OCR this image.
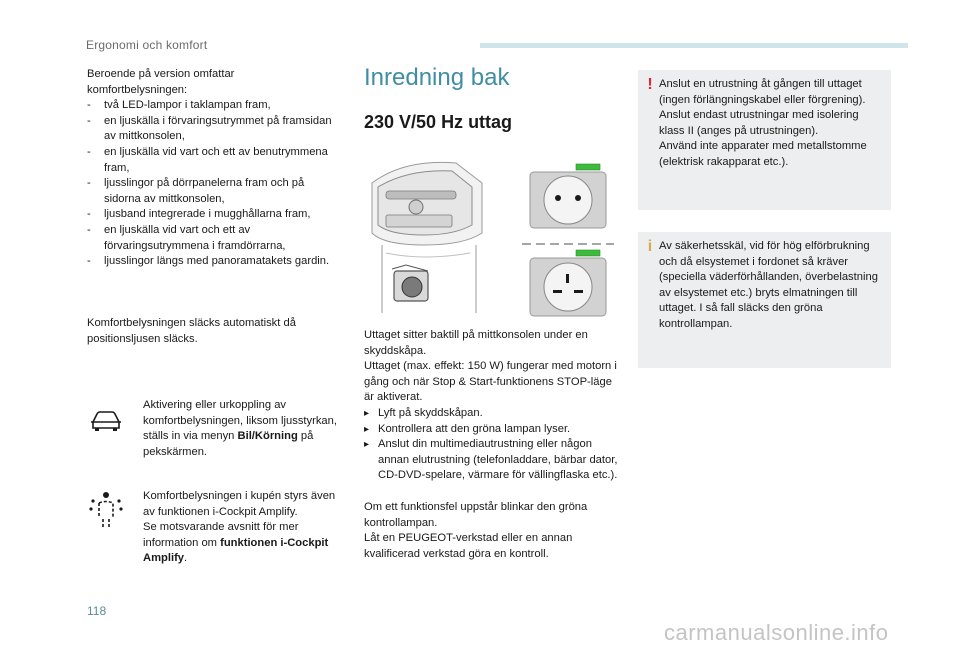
Ergonomi och komfort

Beroende på version omfattar komfortbelysningen:

- två LED-lampor i taklampan fram,
- en ljuskälla i förvaringsutrymmet på framsidan av mittkonsolen,
- en ljuskälla vid vart och ett av benutrymmena fram,
- ljusslingor på dörrpanelerna fram och på sidorna av mittkonsolen,
- ljusband integrerade i mugghållarna fram,
- en ljuskälla vid vart och ett av förvaringsutrymmena i framdörrarna,
- ljusslingor längs med panoramatakets gardin.

Komfortbelysningen släcks automatiskt då positionsljusen släcks.

Aktivering eller urkoppling av komfortbelysningen, liksom ljusstyrkan, ställs in via menyn Bil/Körning på pekskärmen.
Komfortbelysningen i kupén styrs även av funktionen i-Cockpit Amplify.
Se motsvarande avsnitt för mer information om funktionen i-Cockpit Amplify.
Inredning bak
230 V/50 Hz uttag

Uttaget sitter baktill på mittkonsolen under en skyddskåpa.

Uttaget (max. effekt: 150 W) fungerar med motorn i gång och när Stop & Start-funktionens STOP-läge är aktiverat.

▸ Lyft på skyddskåpan.
▸ Kontrollera att den gröna lampan lyser.
▸ Anslut din multimediautrustning eller någon annan elutrustning (telefonladdare, bärbar dator, CD-DVD-spelare, värmare för vällingflaska etc.).

Om ett funktionsfel uppstår blinkar den gröna kontrollampan.

Låt en PEUGEOT-verkstad eller en annan kvalificerad verkstad göra en kontroll.

! Anslut en utrustning åt gången till uttaget (ingen förlängningskabel eller förgrening).

Anslut endast utrustningar med isolering klass II (anges på utrustningen).

Använd inte apparater med metallstomme (elektrisk rakapparat etc.).

i Av säkerhetsskäl, vid för hög elförbrukning och då elsystemet i fordonet så kräver (speciella väderförhållanden, överbelastning av elsystemet etc.) bryts elmatningen till uttaget. I så fall släcks den gröna kontrollampan.

118
carmanualsonline.info
